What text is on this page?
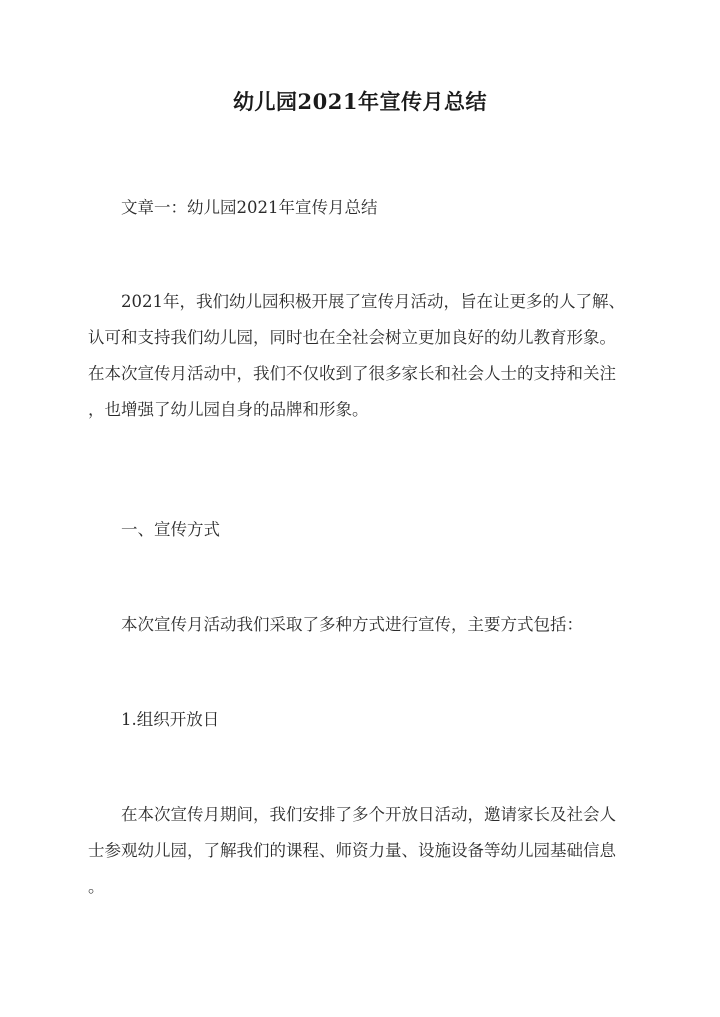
幼儿园2021年宣传月总结
文章一：幼儿园2021年宣传月总结
2021年，我们幼儿园积极开展了宣传月活动，旨在让更多的人了解、
认可和支持我们幼儿园，同时也在全社会树立更加良好的幼儿教育形象。
在本次宣传月活动中，我们不仅收到了很多家长和社会人士的支持和关注
，也增强了幼儿园自身的品牌和形象。
一、宣传方式
本次宣传月活动我们采取了多种方式进行宣传，主要方式包括：
1.组织开放日
在本次宣传月期间，我们安排了多个开放日活动，邀请家长及社会人
士参观幼儿园，了解我们的课程、师资力量、设施设备等幼儿园基础信息
。
